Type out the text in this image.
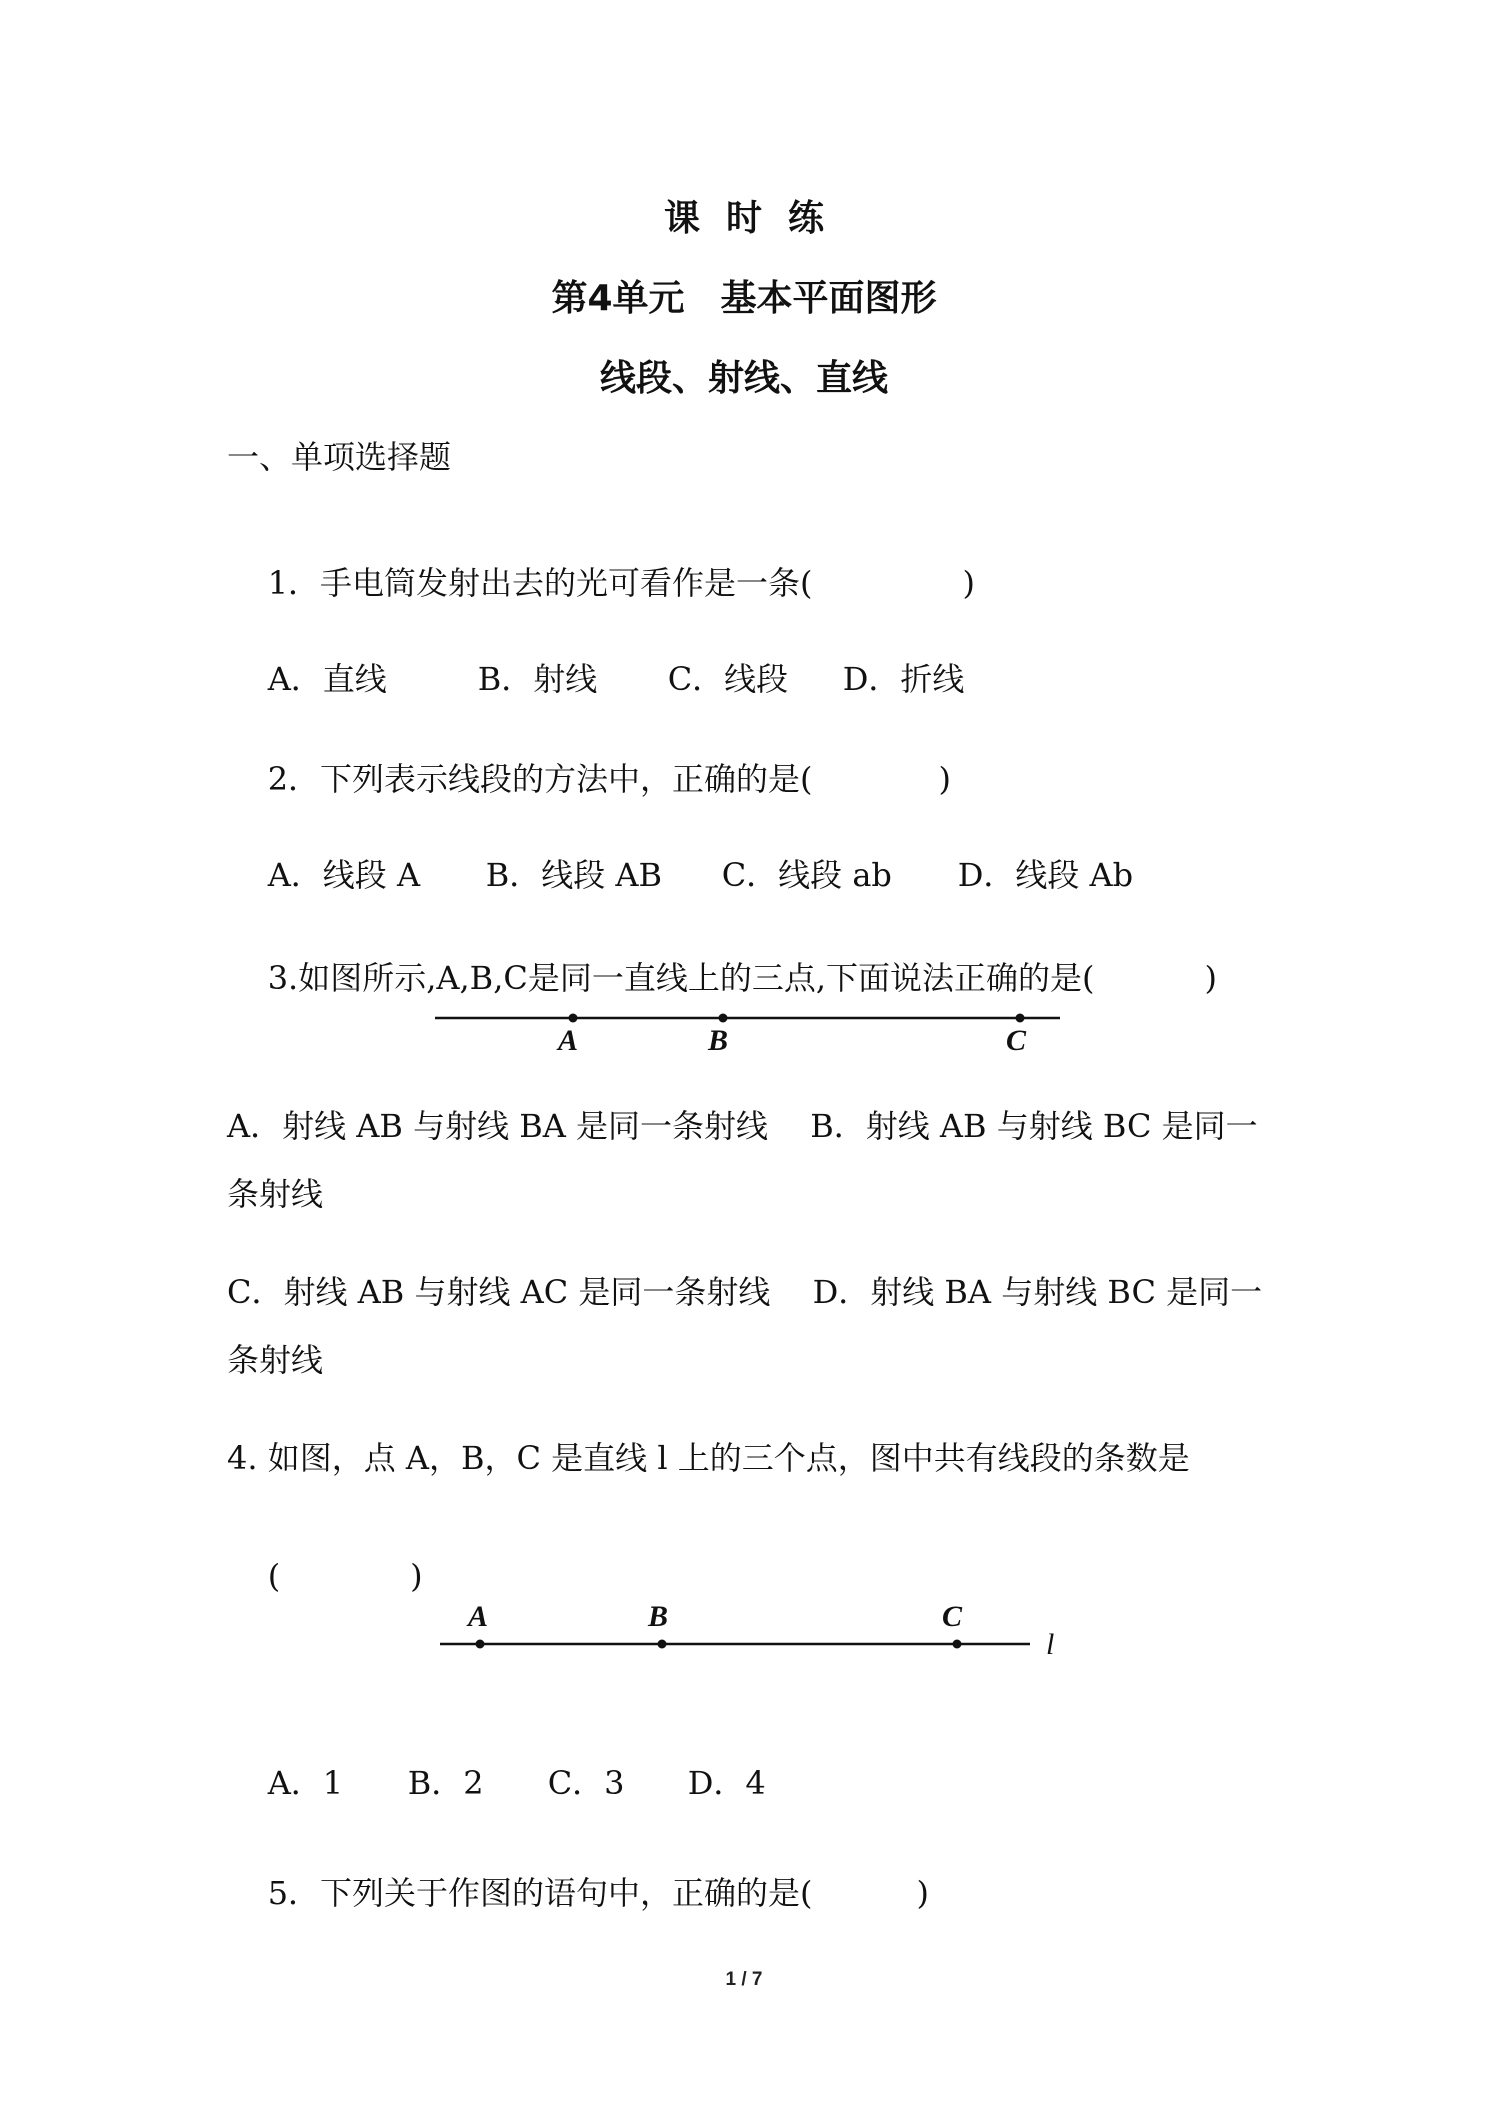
课时练
第4单元　基本平面图形
线段、射线、直线
一、单项选择题

1．手电筒发射出去的光可看作是一条(	)

A．直线	B．射线 C．线段 D．折线

2．下列表示线段的方法中，正确的是(	)

A．线段 A B．线段 AB C．线段 ab D．线段 Ab

3.如图所示,A,B,C是同一直线上的三点,下面说法正确的是(	)

A	B	C
A．射线 AB 与射线 BA 是同一条射线　 B．射线 AB 与射线 BC 是同一
条射线
C．射线 AB 与射线 AC 是同一条射线　 D．射线 BA 与射线 BC 是同一
条射线
4. 如图，点 A，B，C 是直线 l 上的三个点，图中共有线段的条数是

(	)

A	B	C
l

A．1 B．2 C．3 D．4

5．下列关于作图的语句中，正确的是(	)

1 / 7
